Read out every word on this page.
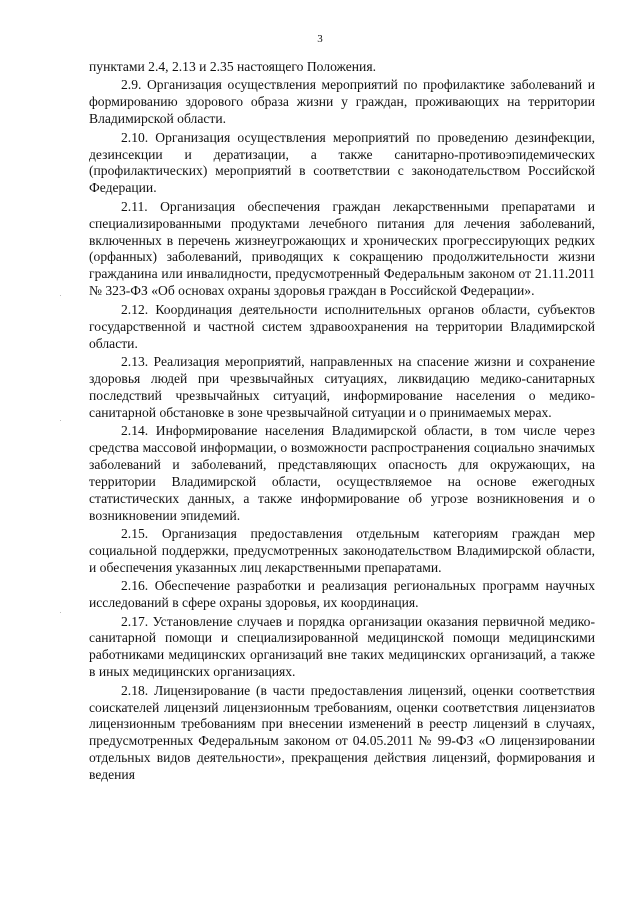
3

пунктами 2.4, 2.13 и 2.35 настоящего Положения.

2.9. Организация осуществления мероприятий по профилактике заболеваний и формированию здорового образа жизни у граждан, проживающих на территории Владимирской области.

2.10. Организация осуществления мероприятий по проведению дезинфекции, дезинсекции и дератизации, а также санитарно-противоэпидемических (профилактических) мероприятий в соответствии с законодательством Российской Федерации.

2.11. Организация обеспечения граждан лекарственными препаратами и специализированными продуктами лечебного питания для лечения заболеваний, включенных в перечень жизнеугрожающих и хронических прогрессирующих редких (орфанных) заболеваний, приводящих к сокращению продолжительности жизни гражданина или инвалидности, предусмотренный Федеральным законом от 21.11.2011 № 323-ФЗ «Об основах охраны здоровья граждан в Российской Федерации».

2.12. Координация деятельности исполнительных органов области, субъектов государственной и частной систем здравоохранения на территории Владимирской области.

2.13. Реализация мероприятий, направленных на спасение жизни и сохранение здоровья людей при чрезвычайных ситуациях, ликвидацию медико-санитарных последствий чрезвычайных ситуаций, информирование населения о медико-санитарной обстановке в зоне чрезвычайной ситуации и о принимаемых мерах.

2.14. Информирование населения Владимирской области, в том числе через средства массовой информации, о возможности распространения социально значимых заболеваний и заболеваний, представляющих опасность для окружающих, на территории Владимирской области, осуществляемое на основе ежегодных статистических данных, а также информирование об угрозе возникновения и о возникновении эпидемий.

2.15. Организация предоставления отдельным категориям граждан мер социальной поддержки, предусмотренных законодательством Владимирской области, и обеспечения указанных лиц лекарственными препаратами.

2.16. Обеспечение разработки и реализация региональных программ научных исследований в сфере охраны здоровья, их координация.

2.17. Установление случаев и порядка организации оказания первичной медико-санитарной помощи и специализированной медицинской помощи медицинскими работниками медицинских организаций вне таких медицинских организаций, а также в иных медицинских организациях.

2.18. Лицензирование (в части предоставления лицензий, оценки соответствия соискателей лицензий лицензионным требованиям, оценки соответствия лицензиатов лицензионным требованиям при внесении изменений в реестр лицензий в случаях, предусмотренных Федеральным законом от 04.05.2011 № 99-ФЗ «О лицензировании отдельных видов деятельности», прекращения действия лицензий, формирования и ведения
